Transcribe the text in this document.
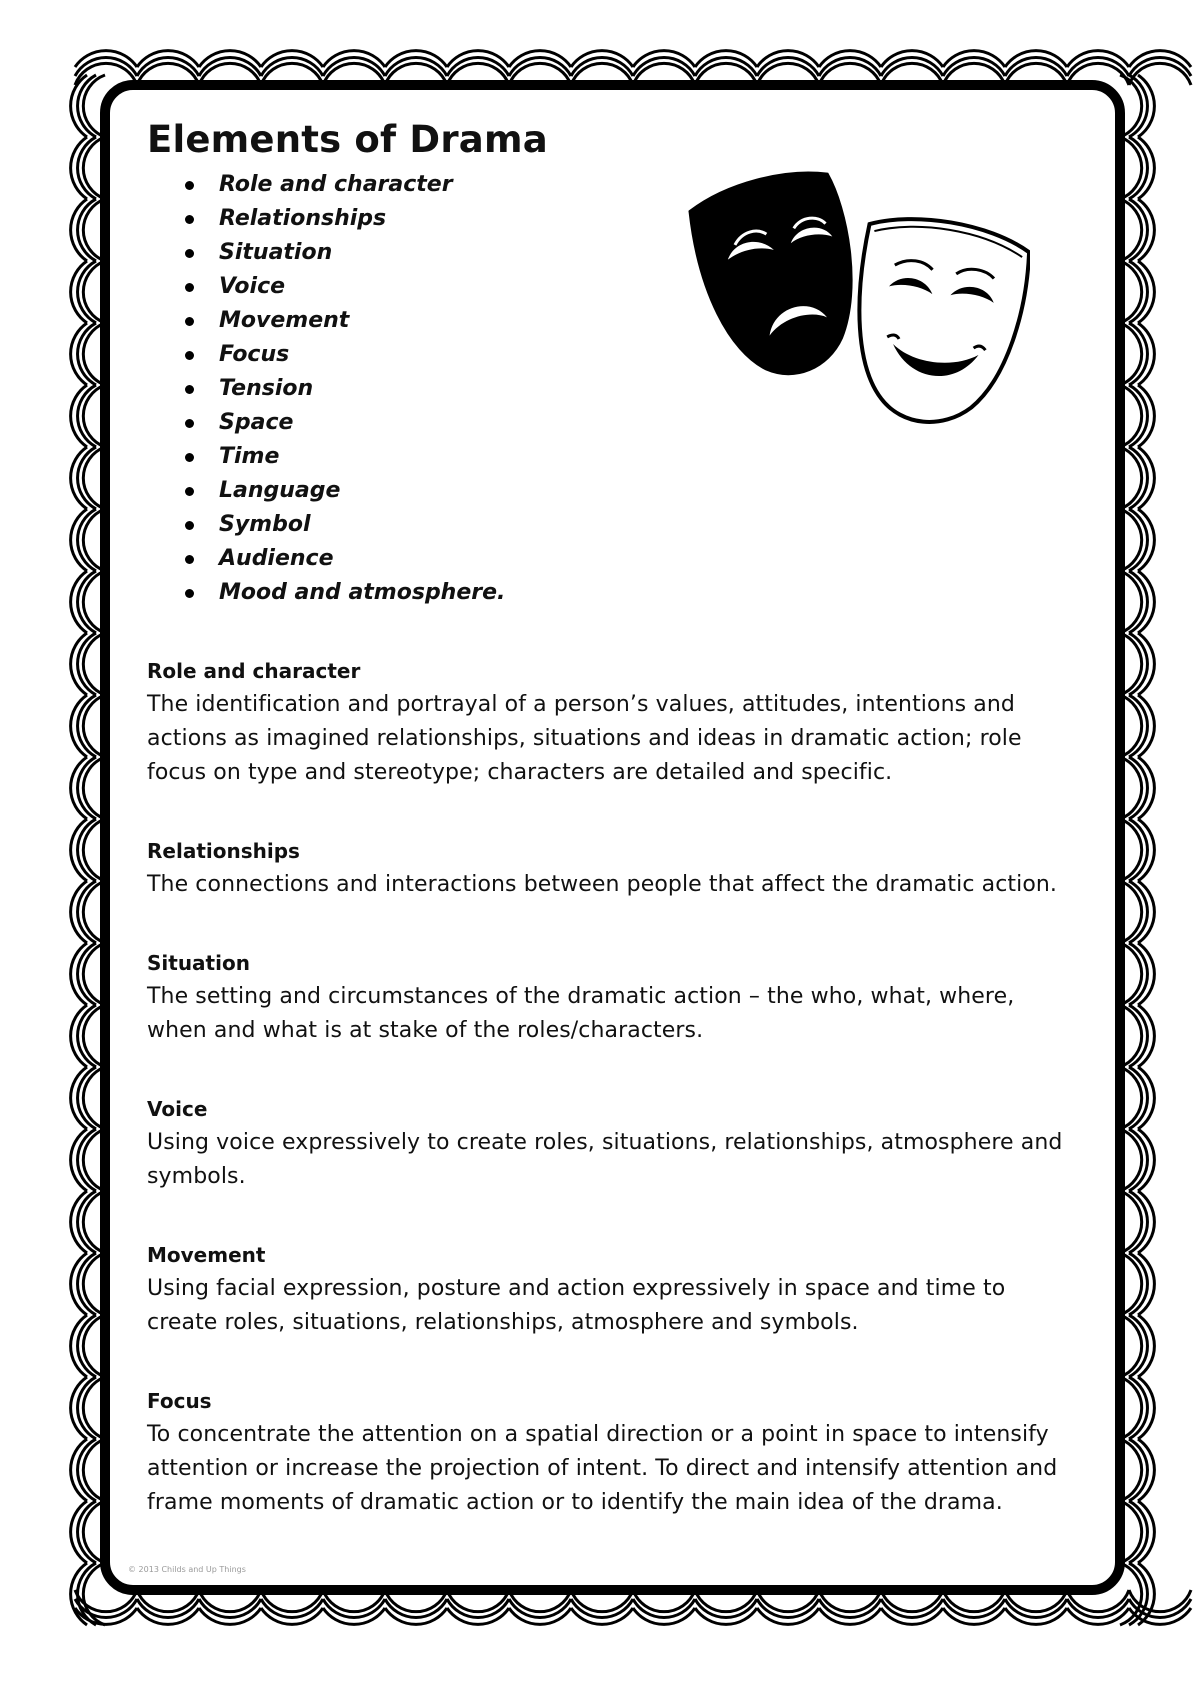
Elements of Drama
Role and character
Relationships
Situation
Voice
Movement
Focus
Tension
Space
Time
Language
Symbol
Audience
Mood and atmosphere.
Role and character

The identification and portrayal of a person’s values, attitudes, intentions and actions as imagined relationships, situations and ideas in dramatic action; role focus on type and stereotype; characters are detailed and specific.

Relationships

The connections and interactions between people that affect the dramatic action.

Situation

The setting and circumstances of the dramatic action – the who, what, where, when and what is at stake of the roles/characters.

Voice

Using voice expressively to create roles, situations, relationships, atmosphere and symbols.

Movement

Using facial expression, posture and action expressively in space and time to create roles, situations, relationships, atmosphere and symbols.

Focus

To concentrate the attention on a spatial direction or a point in space to intensify attention or increase the projection of intent. To direct and intensify attention and frame moments of dramatic action or to identify the main idea of the drama.

© 2013 Childs and Up Things
